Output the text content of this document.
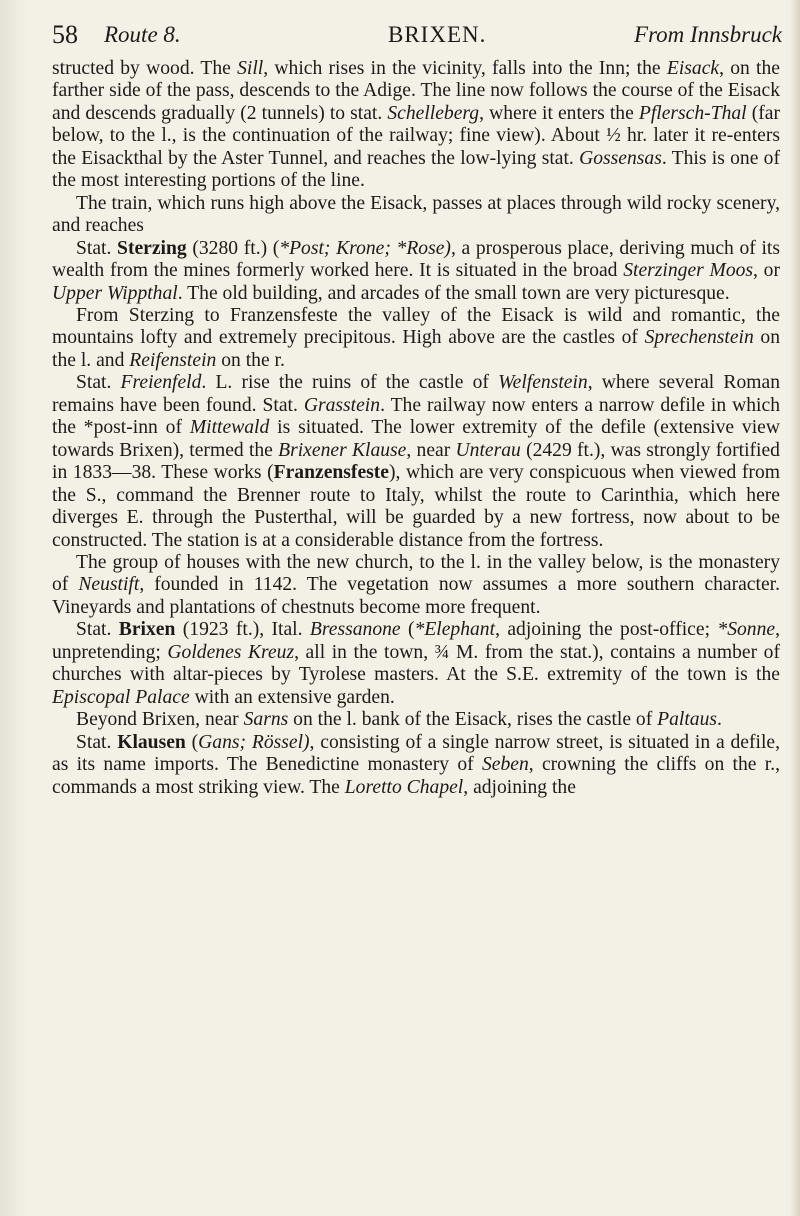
58 Route 8.	BRIXEN.	From Innsbruck

structed by wood. The Sill, which rises in the vicinity, falls into the Inn; the Eisack, on the farther side of the pass, descends to the Adige. The line now follows the course of the Eisack and descends gradually (2 tunnels) to stat. Schelleberg, where it enters the Pflersch-Thal (far below, to the l., is the continuation of the railway; fine view). About ½ hr. later it re-enters the Eisackthal by the Aster Tunnel, and reaches the low-lying stat. Gossensas. This is one of the most interesting portions of the line.

The train, which runs high above the Eisack, passes at places through wild rocky scenery, and reaches

Stat. Sterzing (3280 ft.) (*Post; Krone; *Rose), a prosperous place, deriving much of its wealth from the mines formerly worked here. It is situated in the broad Sterzinger Moos, or Upper Wippthal. The old building, and arcades of the small town are very picturesque.

From Sterzing to Franzensfeste the valley of the Eisack is wild and romantic, the mountains lofty and extremely precipitous. High above are the castles of Sprechenstein on the l. and Reifenstein on the r.

Stat. Freienfeld. L. rise the ruins of the castle of Welfenstein, where several Roman remains have been found. Stat. Grasstein. The railway now enters a narrow defile in which the *post-inn of Mittewald is situated. The lower extremity of the defile (extensive view towards Brixen), termed the Brixener Klause, near Unterau (2429 ft.), was strongly fortified in 1833—38. These works (Franzensfeste), which are very conspicuous when viewed from the S., command the Brenner route to Italy, whilst the route to Carinthia, which here diverges E. through the Pusterthal, will be guarded by a new fortress, now about to be constructed. The station is at a considerable distance from the fortress.

The group of houses with the new church, to the l. in the valley below, is the monastery of Neustift, founded in 1142. The vegetation now assumes a more southern character. Vineyards and plantations of chestnuts become more frequent.

Stat. Brixen (1923 ft.), Ital. Bressanone (*Elephant, adjoining the post-office; *Sonne, unpretending; Goldenes Kreuz, all in the town, ¾ M. from the stat.), contains a number of churches with altar-pieces by Tyrolese masters. At the S.E. extremity of the town is the Episcopal Palace with an extensive garden.

Beyond Brixen, near Sarns on the l. bank of the Eisack, rises the castle of Paltaus.

Stat. Klausen (Gans; Rössel), consisting of a single narrow street, is situated in a defile, as its name imports. The Benedictine monastery of Seben, crowning the cliffs on the r., commands a most striking view. The Loretto Chapel, adjoining the
